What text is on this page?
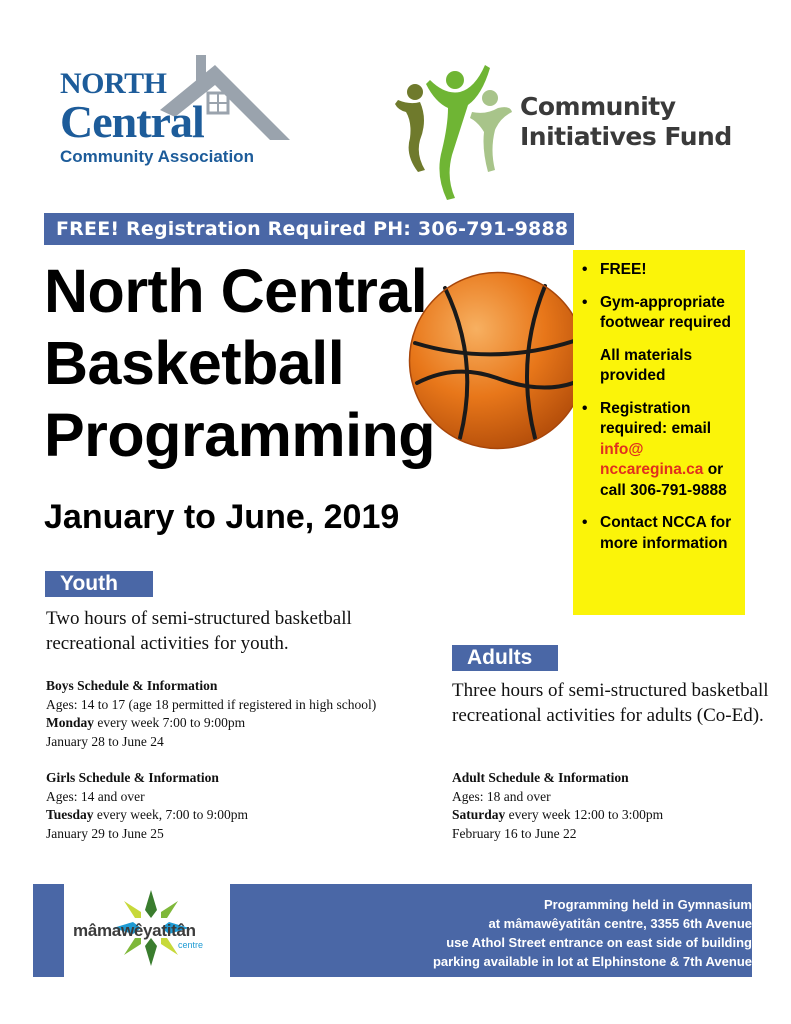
NORTH
Central
Community Association
Community
Initiatives Fund
FREE! Registration Required PH: 306-791-9888
North Central
Basketball
Programming
January to June, 2019
• FREE!
• Gym-appropriate footwear required
All materials provided
• Registration required: email info@ nccaregina.ca or call 306-791-9888
• Contact NCCA for more information
Youth
Two hours of semi-structured basketball recreational activities for youth.
Boys Schedule & Information
Ages: 14 to 17 (age 18 permitted if registered in high school)
Monday every week 7:00 to 9:00pm
January 28 to June 24
Girls Schedule & Information
Ages: 14 and over
Tuesday every week, 7:00 to 9:00pm
January 29 to June 25
Adults
Three hours of semi-structured basketball recreational activities for adults (Co-Ed).
Adult Schedule & Information
Ages: 18 and over
Saturday every week 12:00 to 3:00pm
February 16 to June 22
mâmawêyatitân
centre
Programming held in Gymnasium
at mâmawêyatitân centre, 3355 6th Avenue
use Athol Street entrance on east side of building
parking available in lot at Elphinstone & 7th Avenue
